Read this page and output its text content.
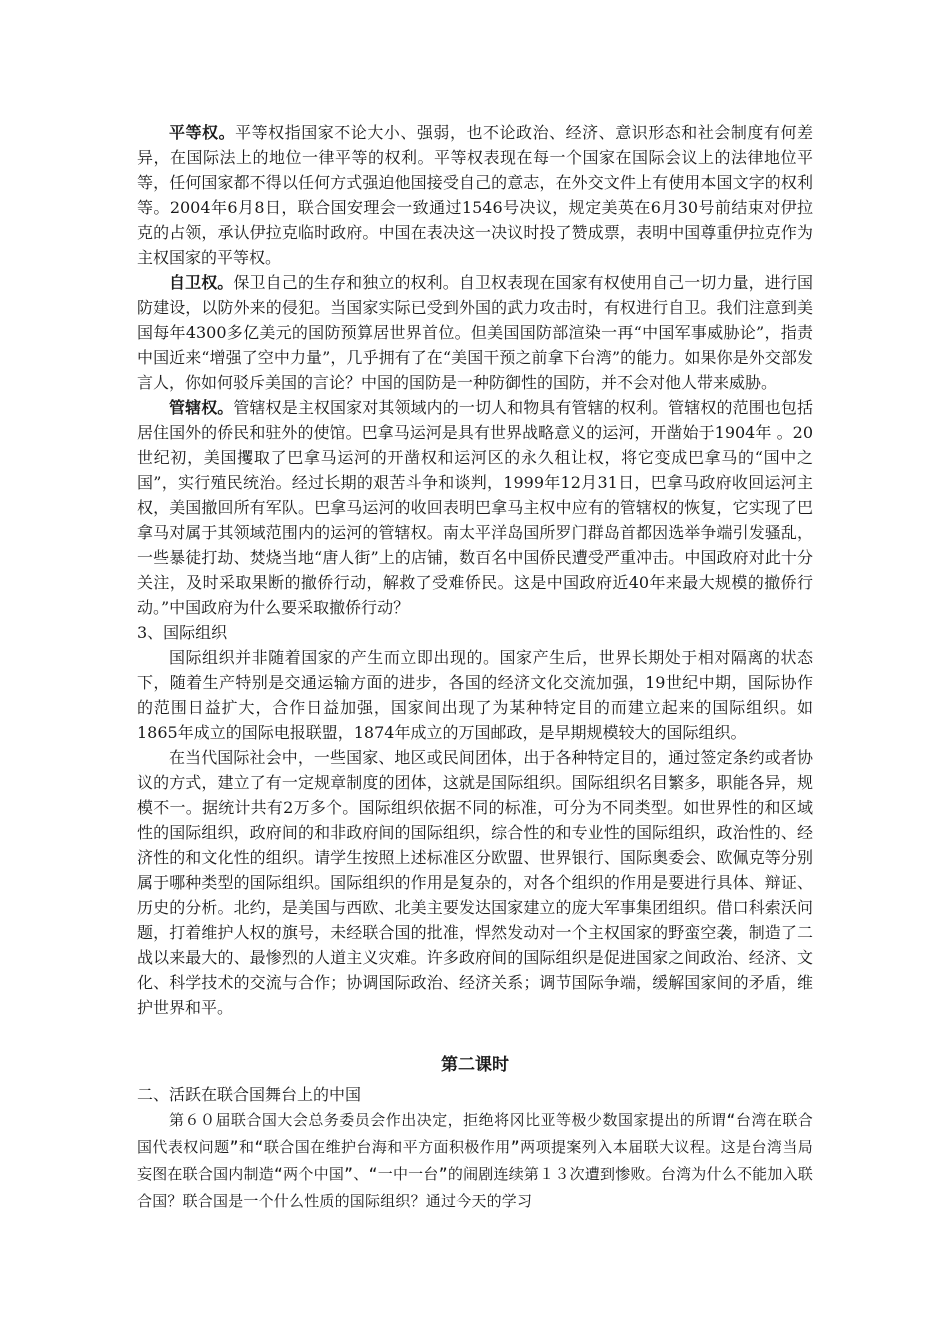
平等权。平等权指国家不论大小、强弱，也不论政治、经济、意识形态和社会制度有何差异，在国际法上的地位一律平等的权利。平等权表现在每一个国家在国际会议上的法律地位平等，任何国家都不得以任何方式强迫他国接受自己的意志，在外交文件上有使用本国文字的权利等。2004年6月8日，联合国安理会一致通过1546号决议，规定美英在6月30号前结束对伊拉克的占领，承认伊拉克临时政府。中国在表决这一决议时投了赞成票，表明中国尊重伊拉克作为主权国家的平等权。

自卫权。保卫自己的生存和独立的权利。自卫权表现在国家有权使用自己一切力量，进行国防建设，以防外来的侵犯。当国家实际已受到外国的武力攻击时，有权进行自卫。我们注意到美国每年4300多亿美元的国防预算居世界首位。但美国国防部渲染一再“中国军事威胁论”，指责中国近来“增强了空中力量”，几乎拥有了在“美国干预之前拿下台湾”的能力。如果你是外交部发言人，你如何驳斥美国的言论？中国的国防是一种防御性的国防，并不会对他人带来威胁。

管辖权。管辖权是主权国家对其领域内的一切人和物具有管辖的权利。管辖权的范围也包括居住国外的侨民和驻外的使馆。巴拿马运河是具有世界战略意义的运河，开凿始于1904年 。20世纪初，美国攫取了巴拿马运河的开凿权和运河区的永久租让权，将它变成巴拿马的“国中之国”，实行殖民统治。经过长期的艰苦斗争和谈判，1999年12月31日，巴拿马政府收回运河主权，美国撤回所有军队。巴拿马运河的收回表明巴拿马主权中应有的管辖权的恢复，它实现了巴拿马对属于其领域范围内的运河的管辖权。南太平洋岛国所罗门群岛首都因选举争端引发骚乱，一些暴徒打劫、焚烧当地“唐人街”上的店铺，数百名中国侨民遭受严重冲击。中国政府对此十分关注，及时采取果断的撤侨行动，解救了受难侨民。这是中国政府近40年来最大规模的撤侨行动。”中国政府为什么要采取撤侨行动？

3、国际组织

国际组织并非随着国家的产生而立即出现的。国家产生后，世界长期处于相对隔离的状态下，随着生产特别是交通运输方面的进步，各国的经济文化交流加强，19世纪中期，国际协作的范围日益扩大，合作日益加强，国家间出现了为某种特定目的而建立起来的国际组织。如1865年成立的国际电报联盟，1874年成立的万国邮政，是早期规模较大的国际组织。

在当代国际社会中，一些国家、地区或民间团体，出于各种特定目的，通过签定条约或者协议的方式，建立了有一定规章制度的团体，这就是国际组织。国际组织名目繁多，职能各异，规模不一。据统计共有2万多个。国际组织依据不同的标准，可分为不同类型。如世界性的和区域性的国际组织，政府间的和非政府间的国际组织，综合性的和专业性的国际组织，政治性的、经济性的和文化性的组织。请学生按照上述标准区分欧盟、世界银行、国际奥委会、欧佩克等分别属于哪种类型的国际组织。国际组织的作用是复杂的，对各个组织的作用是要进行具体、辩证、历史的分析。北约，是美国与西欧、北美主要发达国家建立的庞大军事集团组织。借口科索沃问题，打着维护人权的旗号，未经联合国的批准，悍然发动对一个主权国家的野蛮空袭，制造了二战以来最大的、最惨烈的人道主义灾难。许多政府间的国际组织是促进国家之间政治、经济、文化、科学技术的交流与合作；协调国际政治、经济关系；调节国际争端，缓解国家间的矛盾，维护世界和平。

第二课时

二、活跃在联合国舞台上的中国

第６０届联合国大会总务委员会作出决定，拒绝将冈比亚等极少数国家提出的所谓“台湾在联合国代表权问题”和“联合国在维护台海和平方面积极作用”两项提案列入本届联大议程。这是台湾当局妄图在联合国内制造“两个中国”、“一中一台”的闹剧连续第１３次遭到惨败。台湾为什么不能加入联合国？联合国是一个什么性质的国际组织？通过今天的学习
